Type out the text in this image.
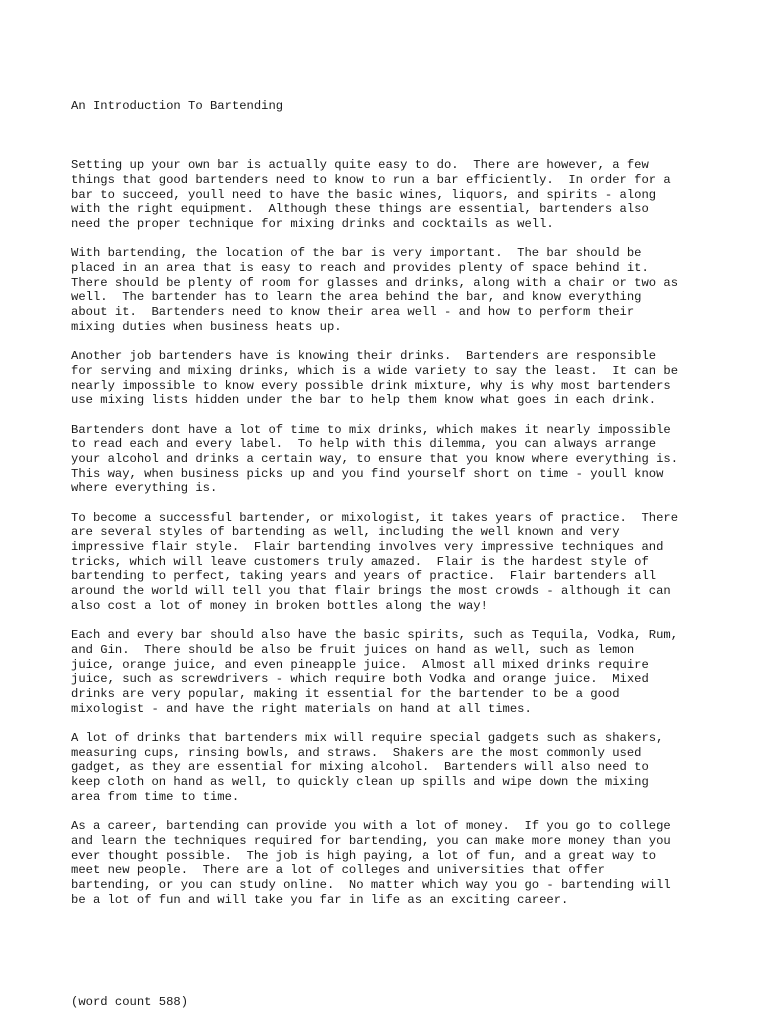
An Introduction To Bartending

Setting up your own bar is actually quite easy to do.  There are however, a few
things that good bartenders need to know to run a bar efficiently.  In order for a
bar to succeed, youll need to have the basic wines, liquors, and spirits - along
with the right equipment.  Although these things are essential, bartenders also
need the proper technique for mixing drinks and cocktails as well.
With bartending, the location of the bar is very important.  The bar should be
placed in an area that is easy to reach and provides plenty of space behind it.
There should be plenty of room for glasses and drinks, along with a chair or two as
well.  The bartender has to learn the area behind the bar, and know everything
about it.  Bartenders need to know their area well - and how to perform their
mixing duties when business heats up.
Another job bartenders have is knowing their drinks.  Bartenders are responsible
for serving and mixing drinks, which is a wide variety to say the least.  It can be
nearly impossible to know every possible drink mixture, why is why most bartenders
use mixing lists hidden under the bar to help them know what goes in each drink.
Bartenders dont have a lot of time to mix drinks, which makes it nearly impossible
to read each and every label.  To help with this dilemma, you can always arrange
your alcohol and drinks a certain way, to ensure that you know where everything is.
This way, when business picks up and you find yourself short on time - youll know
where everything is.
To become a successful bartender, or mixologist, it takes years of practice.  There
are several styles of bartending as well, including the well known and very
impressive flair style.  Flair bartending involves very impressive techniques and
tricks, which will leave customers truly amazed.  Flair is the hardest style of
bartending to perfect, taking years and years of practice.  Flair bartenders all
around the world will tell you that flair brings the most crowds - although it can
also cost a lot of money in broken bottles along the way!
Each and every bar should also have the basic spirits, such as Tequila, Vodka, Rum,
and Gin.  There should be also be fruit juices on hand as well, such as lemon
juice, orange juice, and even pineapple juice.  Almost all mixed drinks require
juice, such as screwdrivers - which require both Vodka and orange juice.  Mixed
drinks are very popular, making it essential for the bartender to be a good
mixologist - and have the right materials on hand at all times.
A lot of drinks that bartenders mix will require special gadgets such as shakers,
measuring cups, rinsing bowls, and straws.  Shakers are the most commonly used
gadget, as they are essential for mixing alcohol.  Bartenders will also need to
keep cloth on hand as well, to quickly clean up spills and wipe down the mixing
area from time to time.
As a career, bartending can provide you with a lot of money.  If you go to college
and learn the techniques required for bartending, you can make more money than you
ever thought possible.  The job is high paying, a lot of fun, and a great way to
meet new people.  There are a lot of colleges and universities that offer
bartending, or you can study online.  No matter which way you go - bartending will
be a lot of fun and will take you far in life as an exciting career.

(word count 588)
